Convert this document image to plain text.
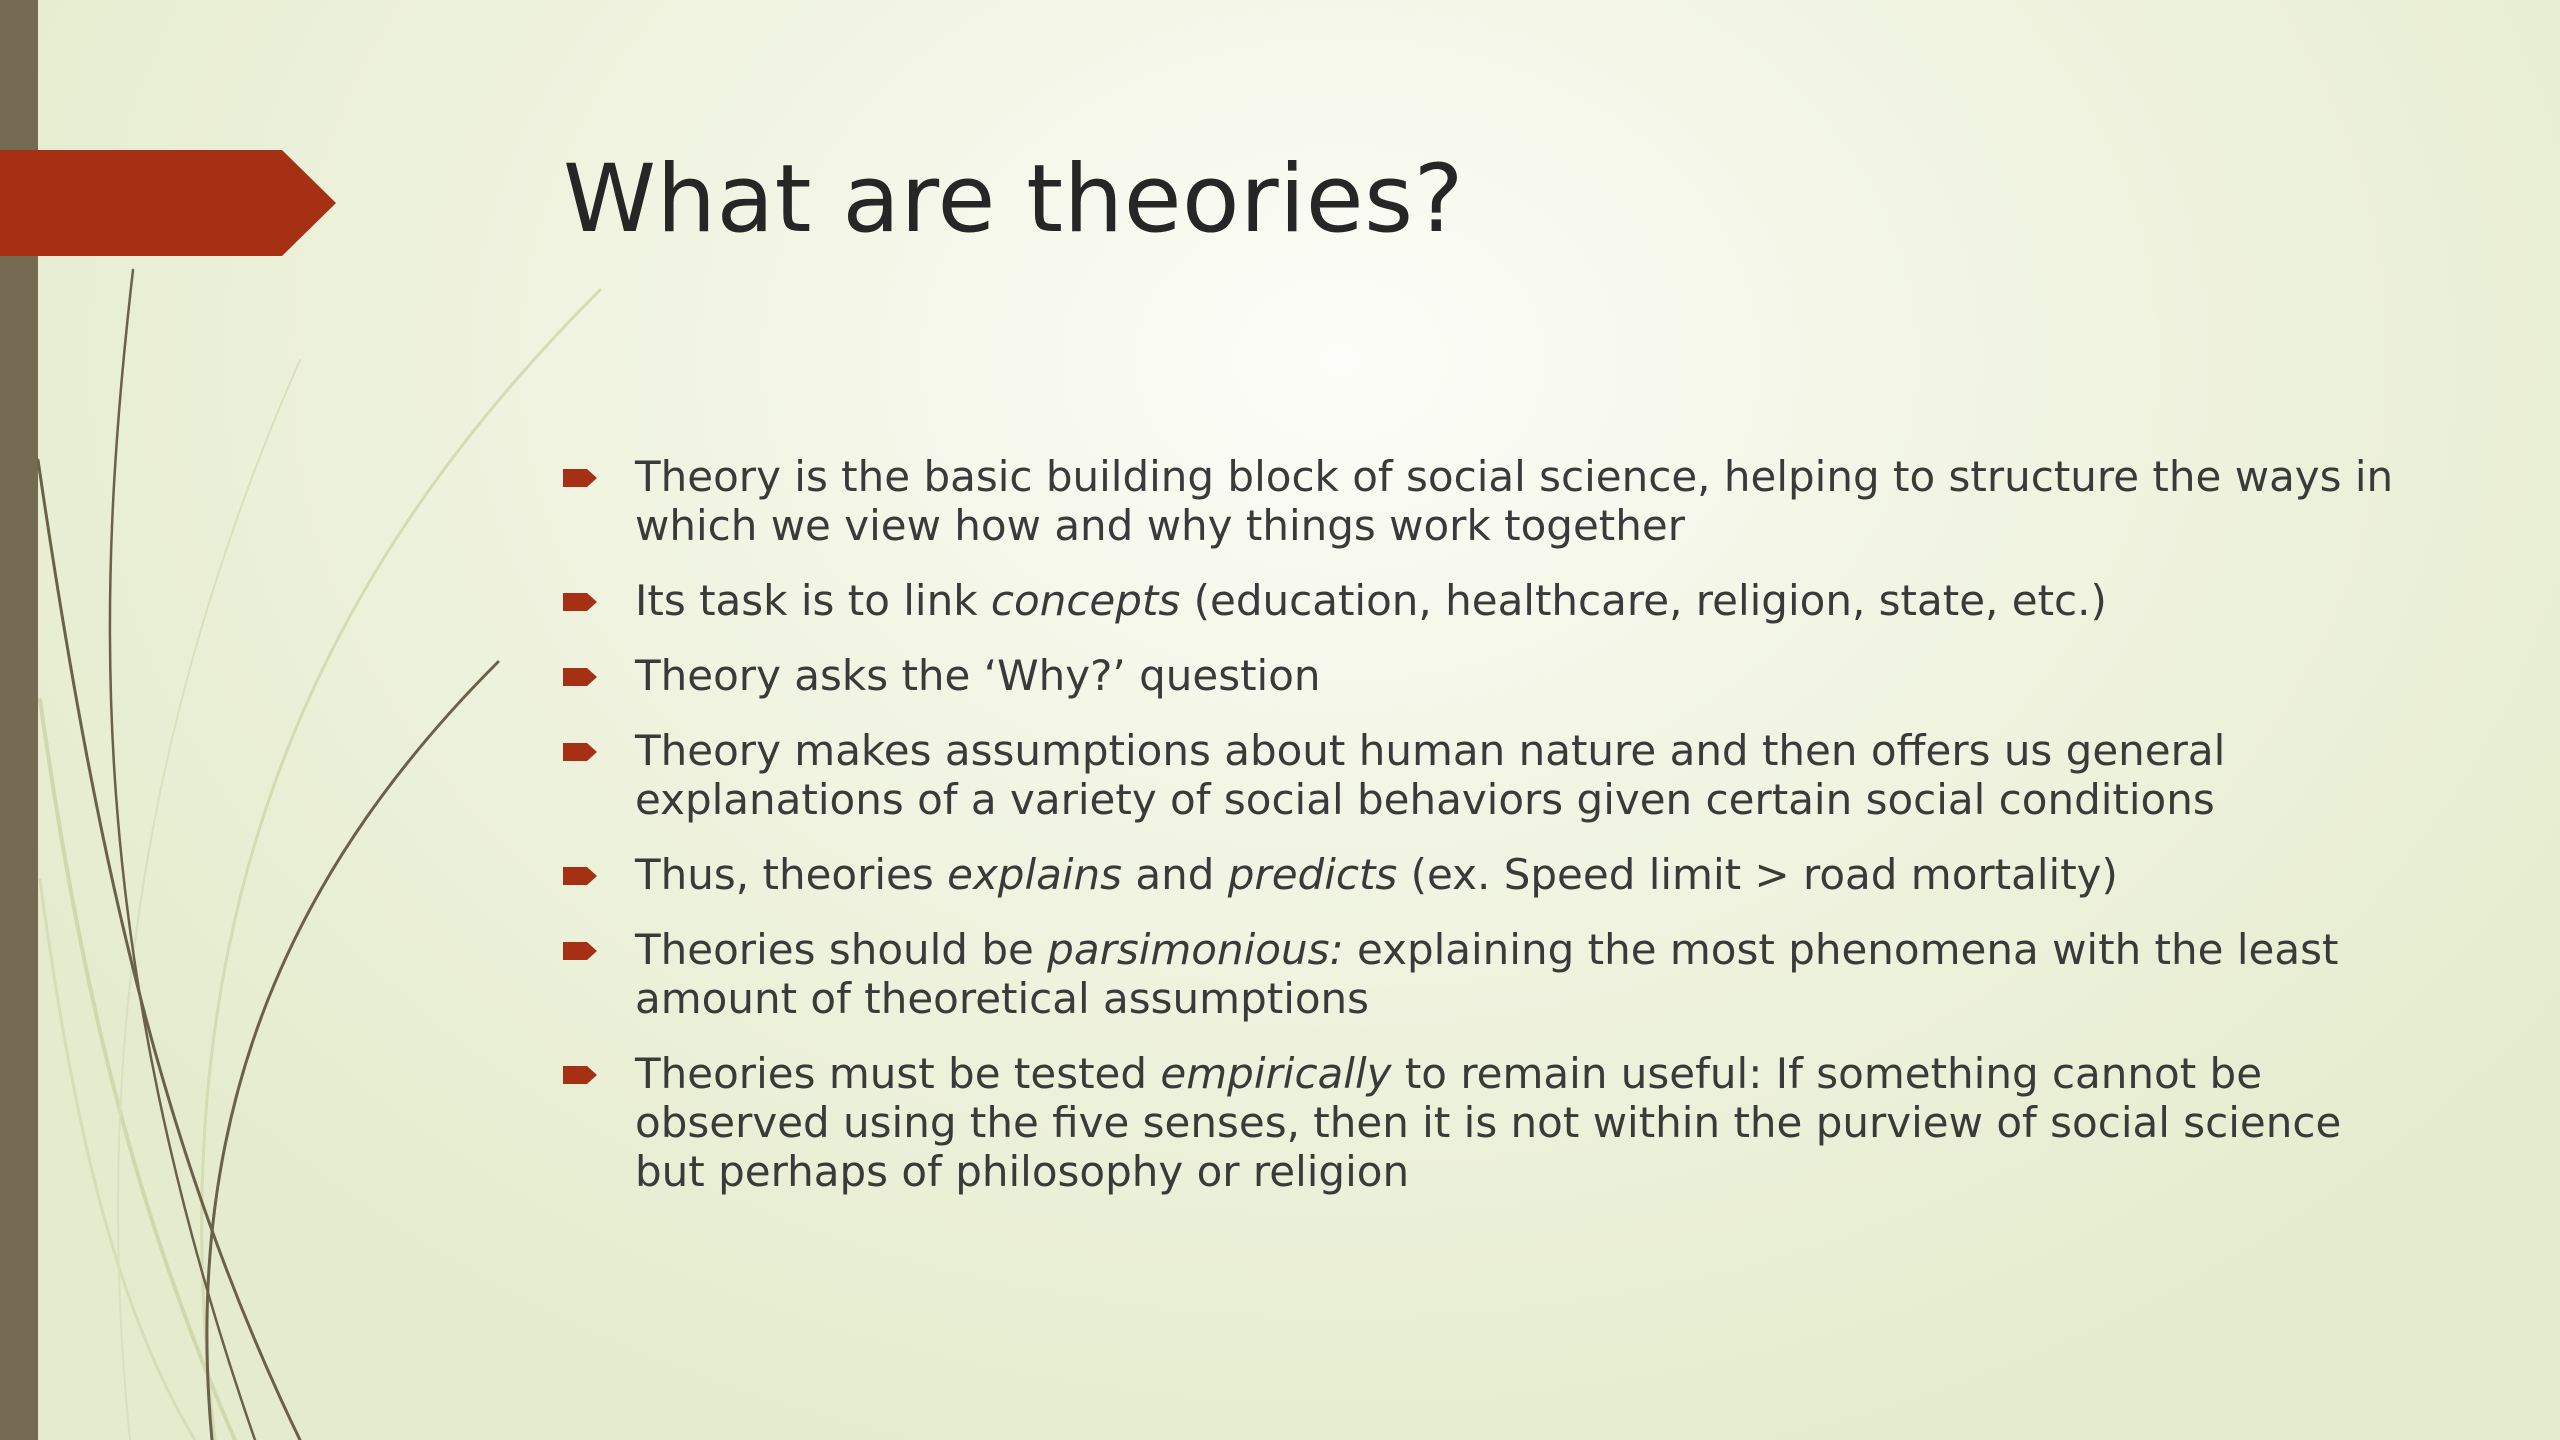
What are theories?
Theory is the basic building block of social science, helping to structure the ways in which we view how and why things work together
Its task is to link concepts (education, healthcare, religion, state, etc.)
Theory asks the ‘Why?’ question
Theory makes assumptions about human nature and then offers us general explanations of a variety of social behaviors given certain social conditions
Thus, theories explains and predicts (ex. Speed limit > road mortality)
Theories should be parsimonious: explaining the most phenomena with the least amount of theoretical assumptions
Theories must be tested empirically to remain useful: If something cannot be observed using the five senses, then it is not within the purview of social science but perhaps of philosophy or religion
